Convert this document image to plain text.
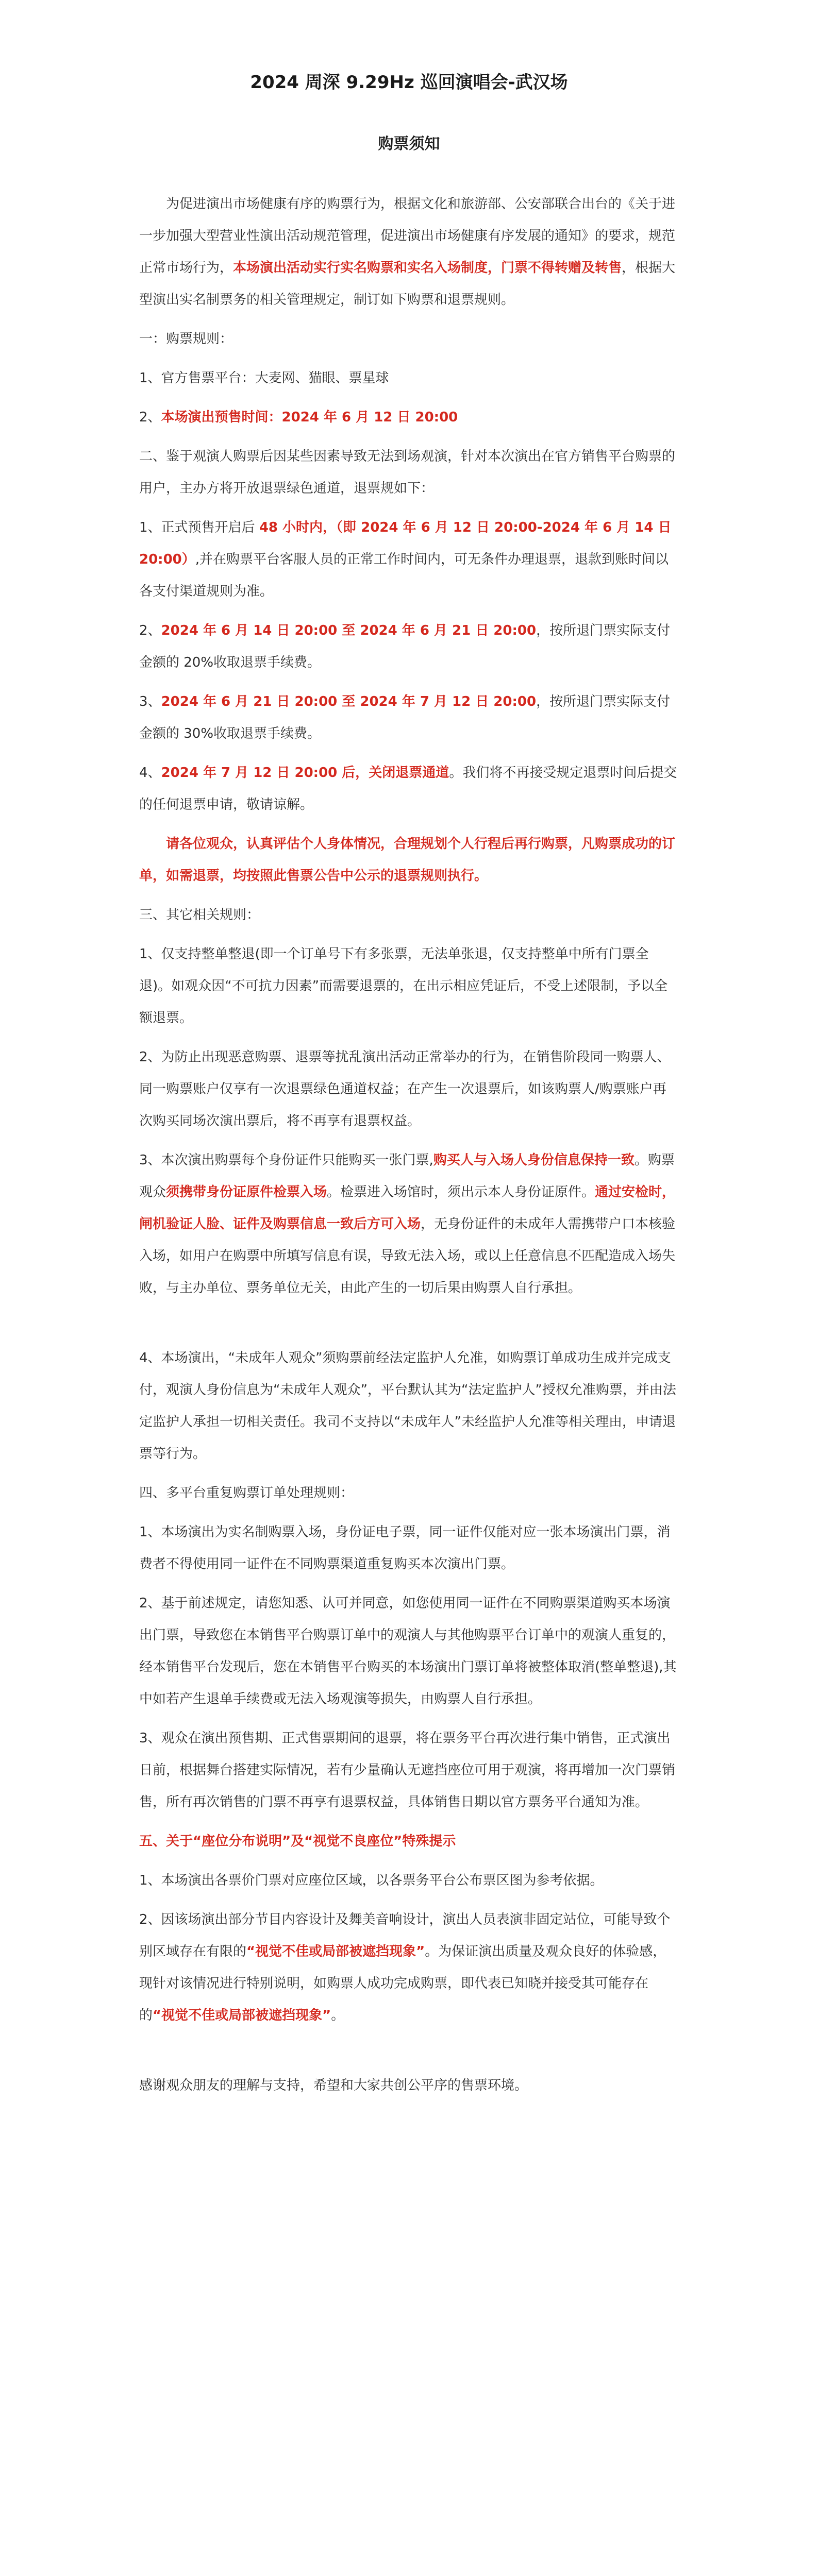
2024 周深 9.29Hz 巡回演唱会-武汉场
购票须知

为促进演出市场健康有序的购票行为，根据文化和旅游部、公安部联合出台的《关于进一步加强大型营业性演出活动规范管理，促进演出市场健康有序发展的通知》的要求，规范正常市场行为，本场演出活动实行实名购票和实名入场制度，门票不得转赠及转售，根据大型演出实名制票务的相关管理规定，制订如下购票和退票规则。

一：购票规则：

1、官方售票平台：大麦网、猫眼、票星球

2、本场演出预售时间：2024 年 6 月 12 日 20:00

二、鉴于观演人购票后因某些因素导致无法到场观演，针对本次演出在官方销售平台购票的用户，主办方将开放退票绿色通道，退票规如下：

1、正式预售开启后 48 小时内，（即 2024 年 6 月 12 日 20:00-2024 年 6 月 14 日 20:00）,并在购票平台客服人员的正常工作时间内，可无条件办理退票，退款到账时间以各支付渠道规则为准。

2、2024 年 6 月 14 日 20:00 至 2024 年 6 月 21 日 20:00，按所退门票实际支付金额的 20%收取退票手续费。

3、2024 年 6 月 21 日 20:00 至 2024 年 7 月 12 日 20:00，按所退门票实际支付金额的 30%收取退票手续费。

4、2024 年 7 月 12 日 20:00 后，关闭退票通道。我们将不再接受规定退票时间后提交的任何退票申请，敬请谅解。

请各位观众，认真评估个人身体情况，合理规划个人行程后再行购票，凡购票成功的订单，如需退票，均按照此售票公告中公示的退票规则执行。

三、其它相关规则：

1、仅支持整单整退(即一个订单号下有多张票，无法单张退，仅支持整单中所有门票全退)。如观众因“不可抗力因素”而需要退票的，在出示相应凭证后，不受上述限制，予以全额退票。

2、为防止出现恶意购票、退票等扰乱演出活动正常举办的行为，在销售阶段同一购票人、同一购票账户仅享有一次退票绿色通道权益；在产生一次退票后，如该购票人/购票账户再次购买同场次演出票后，将不再享有退票权益。

3、本次演出购票每个身份证件只能购买一张门票,购买人与入场人身份信息保持一致。购票观众须携带身份证原件检票入场。检票进入场馆时，须出示本人身份证原件。通过安检时，闸机验证人脸、证件及购票信息一致后方可入场，无身份证件的未成年人需携带户口本核验入场，如用户在购票中所填写信息有误，导致无法入场，或以上任意信息不匹配造成入场失败，与主办单位、票务单位无关，由此产生的一切后果由购票人自行承担。

4、本场演出，“未成年人观众”须购票前经法定监护人允准，如购票订单成功生成并完成支付，观演人身份信息为“未成年人观众”，平台默认其为“法定监护人”授权允准购票，并由法定监护人承担一切相关责任。我司不支持以“未成年人”未经监护人允准等相关理由，申请退票等行为。

四、多平台重复购票订单处理规则：

1、本场演出为实名制购票入场，身份证电子票，同一证件仅能对应一张本场演出门票，消费者不得使用同一证件在不同购票渠道重复购买本次演出门票。

2、基于前述规定，请您知悉、认可并同意，如您使用同一证件在不同购票渠道购买本场演出门票，导致您在本销售平台购票订单中的观演人与其他购票平台订单中的观演人重复的，经本销售平台发现后，您在本销售平台购买的本场演出门票订单将被整体取消(整单整退),其中如若产生退单手续费或无法入场观演等损失，由购票人自行承担。

3、观众在演出预售期、正式售票期间的退票，将在票务平台再次进行集中销售，正式演出日前，根据舞台搭建实际情况，若有少量确认无遮挡座位可用于观演，将再增加一次门票销售，所有再次销售的门票不再享有退票权益，具体销售日期以官方票务平台通知为准。

五、关于“座位分布说明”及“视觉不良座位”特殊提示

1、本场演出各票价门票对应座位区域，以各票务平台公布票区图为参考依据。

2、因该场演出部分节目内容设计及舞美音响设计，演出人员表演非固定站位，可能导致个别区域存在有限的“视觉不佳或局部被遮挡现象”。为保证演出质量及观众良好的体验感，现针对该情况进行特别说明，如购票人成功完成购票，即代表已知晓并接受其可能存在的“视觉不佳或局部被遮挡现象”。

感谢观众朋友的理解与支持，希望和大家共创公平序的售票环境。
